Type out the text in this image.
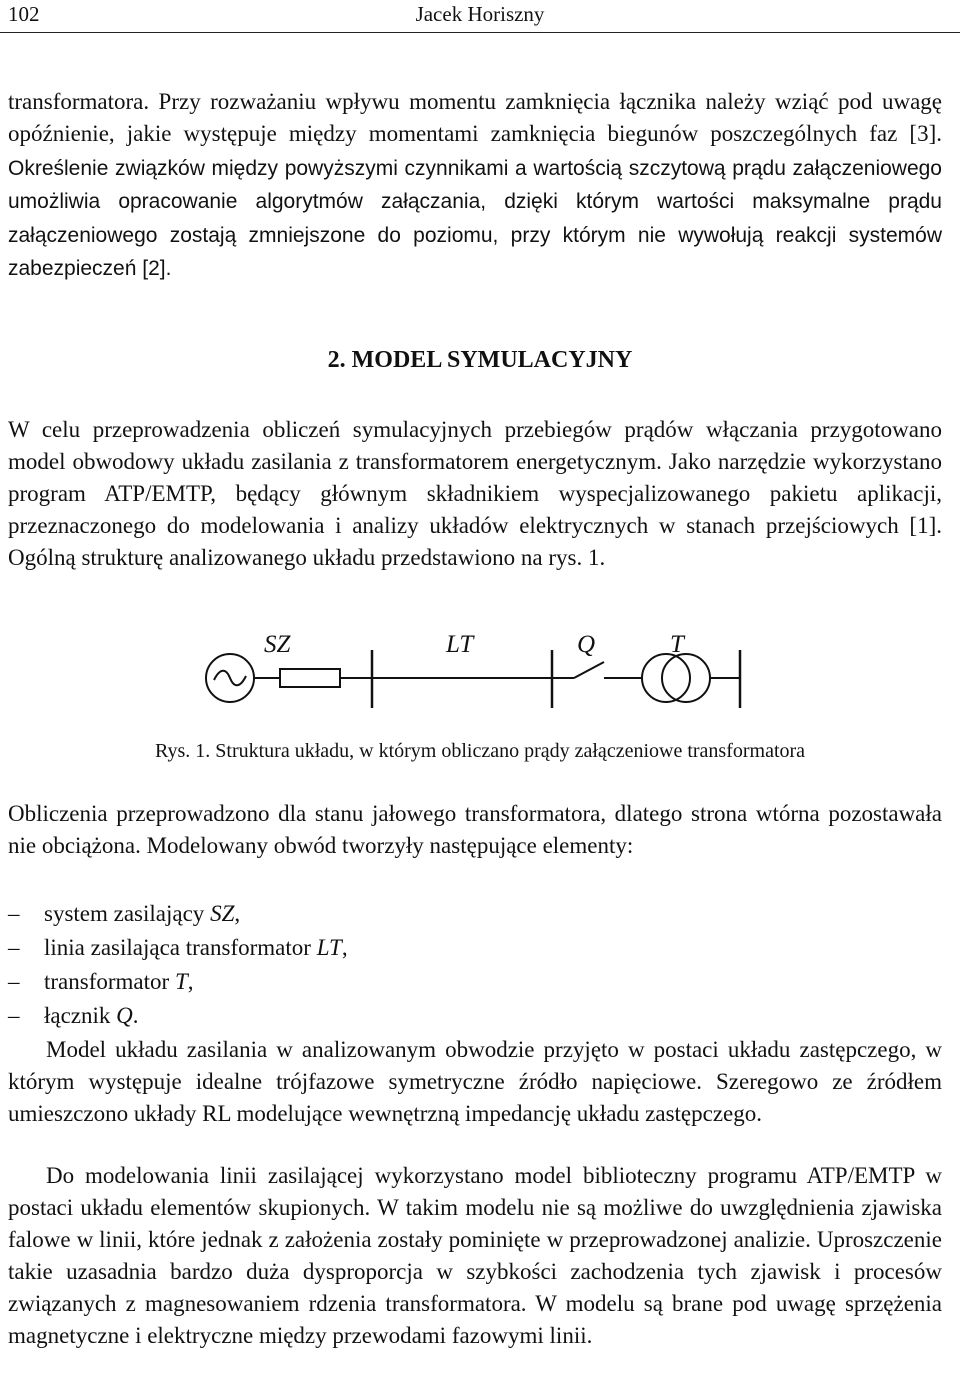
102	Jacek Horiszny

transformatora. Przy rozważaniu wpływu momentu zamknięcia łącznika należy wziąć pod uwagę opóźnienie, jakie występuje między momentami zamknięcia biegunów poszczególnych faz [3]. Określenie związków między powyższymi czynnikami a wartością szczytową prądu załączeniowego umożliwia opracowanie algorytmów załączania, dzięki którym wartości maksymalne prądu załączeniowego zostają zmniejszone do poziomu, przy którym nie wywołują reakcji systemów zabezpieczeń [2].

2. MODEL SYMULACYJNY

W celu przeprowadzenia obliczeń symulacyjnych przebiegów prądów włączania przygotowano model obwodowy układu zasilania z transformatorem energetycznym. Jako narzędzie wykorzystano program ATP/EMTP, będący głównym składnikiem wyspecjalizowanego pakietu aplikacji, przeznaczonego do modelowania i analizy układów elektrycznych w stanach przejściowych [1]. Ogólną strukturę analizowanego układu przedstawiono na rys. 1.

SZ	LT	Q	T
Rys. 1. Struktura układu, w którym obliczano prądy załączeniowe transformatora

Obliczenia przeprowadzono dla stanu jałowego transformatora, dlatego strona wtórna pozostawała nie obciążona. Modelowany obwód tworzyły następujące elementy:

– system zasilający SZ,
– linia zasilająca transformator LT,
– transformator T,
– łącznik Q.

Model układu zasilania w analizowanym obwodzie przyjęto w postaci układu zastępczego, w którym występuje idealne trójfazowe symetryczne źródło napięciowe. Szeregowo ze źródłem umieszczono układy RL modelujące wewnętrzną impedancję układu zastępczego.

Do modelowania linii zasilającej wykorzystano model biblioteczny programu ATP/EMTP w postaci układu elementów skupionych. W takim modelu nie są możliwe do uwzględnienia zjawiska falowe w linii, które jednak z założenia zostały pominięte w przeprowadzonej analizie. Uproszczenie takie uzasadnia bardzo duża dysproporcja w szybkości zachodzenia tych zjawisk i procesów związanych z magnesowaniem rdzenia transformatora. W modelu są brane pod uwagę sprzężenia magnetyczne i elektryczne między przewodami fazowymi linii.
